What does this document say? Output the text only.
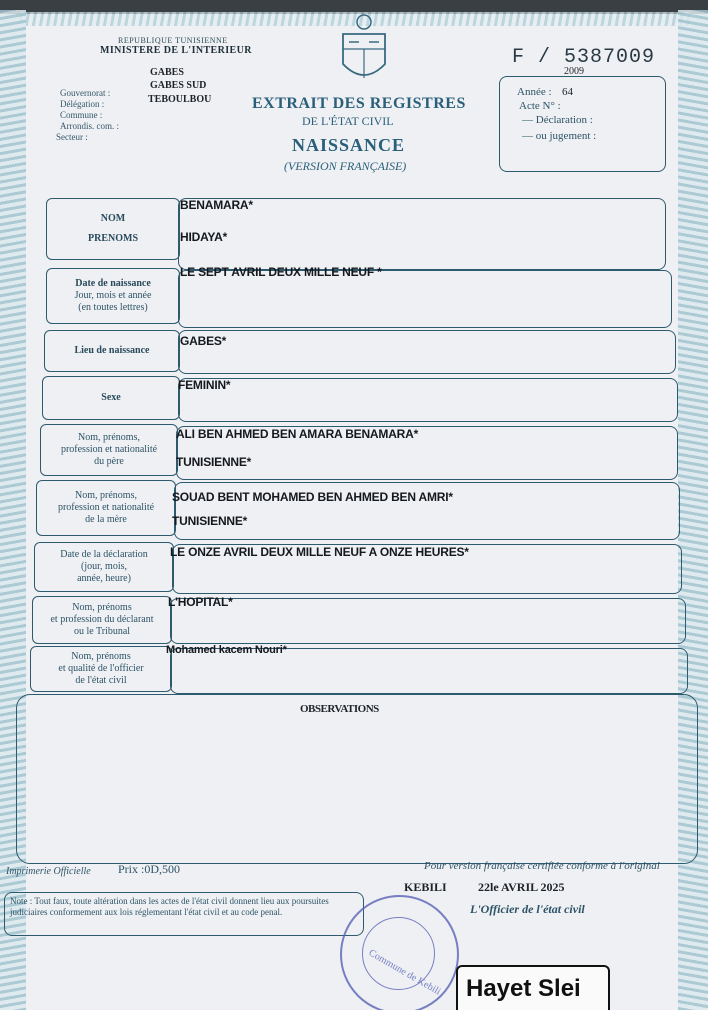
REPUBLIQUE TUNISIENNE
MINISTERE DE L'INTERIEUR
Gouvernorat :
Délégation :
Commune :
Arrondis. com. :
Secteur :
GABES
GABES SUD
TEBOULBOU
F / 5387009
2009
Année : 64
Acte N° :
— Déclaration :
— ou jugement :
EXTRAIT DES REGISTRES
DE L'ÉTAT CIVIL
NAISSANCE
(VERSION FRANÇAISE)
NOM
PRENOMS
BENAMARA*
HIDAYA*
Date de naissance
Jour, mois et année
(en toutes lettres)
LE SEPT AVRIL DEUX MILLE NEUF *
Lieu de naissance
GABES*
Sexe
FEMININ*
Nom, prénoms,
profession et nationalité
du père
ALI BEN AHMED BEN AMARA BENAMARA*
TUNISIENNE*
Nom, prénoms,
profession et nationalité
de la mère
SOUAD BENT MOHAMED BEN AHMED BEN AMRI*
TUNISIENNE*
Date de la déclaration
(jour, mois,
année, heure)
LE ONZE AVRIL DEUX MILLE NEUF A ONZE HEURES*
Nom, prénoms
et profession du déclarant
ou le Tribunal
L'HOPITAL*
Nom, prénoms
et qualité de l'officier
de l'état civil
Mohamed kacem Nouri*
OBSERVATIONS
Imprimerie Officielle Prix :0D,500	Pour version française certifiée conforme à l'original
KEBILI	22le AVRIL 2025
L'Officier de l'état civil
Note : Tout faux, toute altération dans les actes de l'état civil donnent lieu aux poursuites judiciaires conformement aux lois réglementant l'état civil et au code penal.
Commune de Kebili Hayet Slei
